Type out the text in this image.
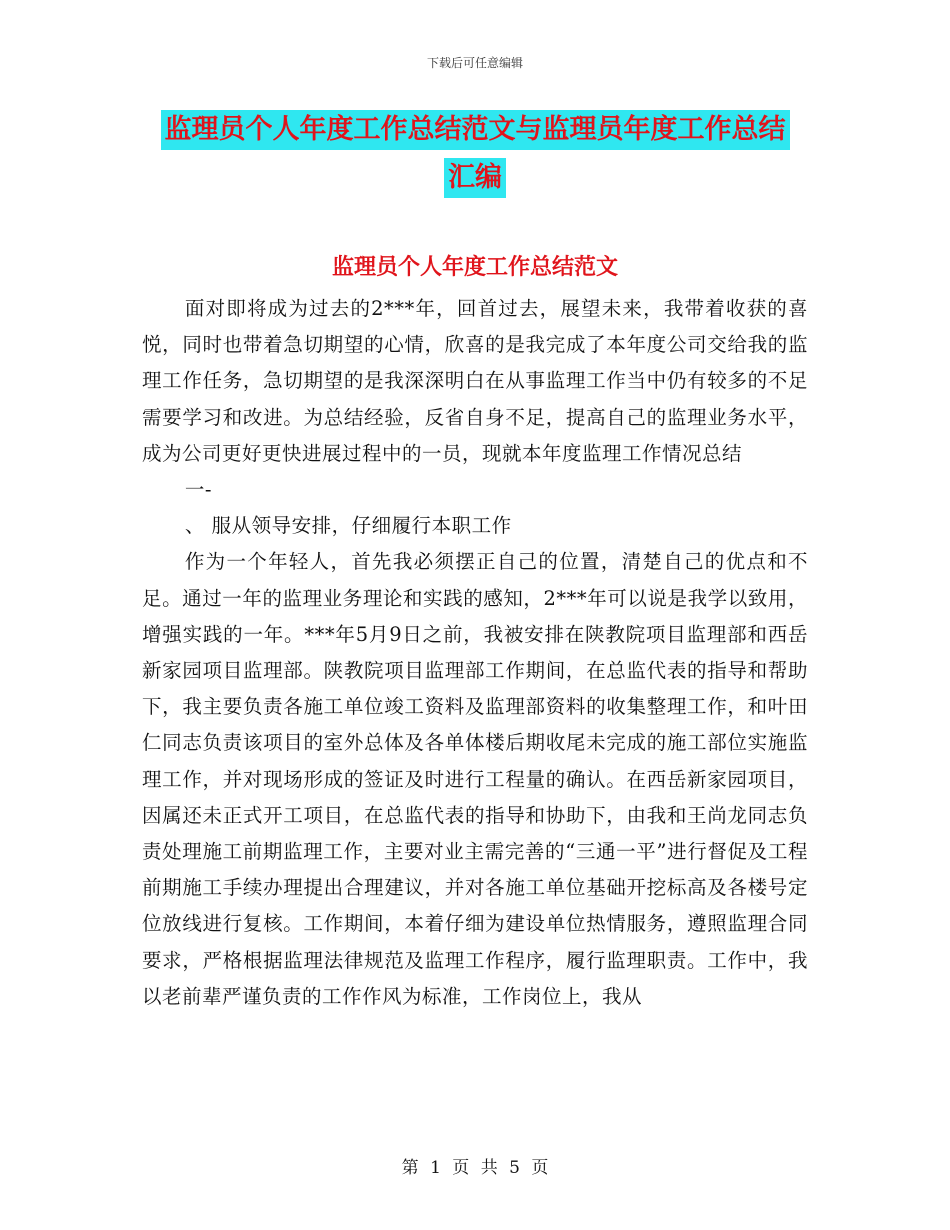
下载后可任意编辑
监理员个人年度工作总结范文与监理员年度工作总结
汇编
监理员个人年度工作总结范文

面对即将成为过去的2***年，回首过去，展望未来，我带着收获的喜悦，同时也带着急切期望的心情，欣喜的是我完成了本年度公司交给我的监理工作任务，急切期望的是我深深明白在从事监理工作当中仍有较多的不足需要学习和改进。为总结经验，反省自身不足，提高自己的监理业务水平，成为公司更好更快进展过程中的一员，现就本年度监理工作情况总结

一-

、 服从领导安排，仔细履行本职工作

作为一个年轻人，首先我必须摆正自己的位置，清楚自己的优点和不足。通过一年的监理业务理论和实践的感知，2***年可以说是我学以致用，增强实践的一年。***年5月9日之前，我被安排在陕教院项目监理部和西岳新家园项目监理部。陕教院项目监理部工作期间，在总监代表的指导和帮助下，我主要负责各施工单位竣工资料及监理部资料的收集整理工作，和叶田仁同志负责该项目的室外总体及各单体楼后期收尾未完成的施工部位实施监理工作，并对现场形成的签证及时进行工程量的确认。在西岳新家园项目，因属还未正式开工项目，在总监代表的指导和协助下，由我和王尚龙同志负责处理施工前期监理工作，主要对业主需完善的“三通一平”进行督促及工程前期施工手续办理提出合理建议，并对各施工单位基础开挖标高及各楼号定位放线进行复核。工作期间，本着仔细为建设单位热情服务，遵照监理合同要求，严格根据监理法律规范及监理工作程序，履行监理职责。工作中，我以老前辈严谨负责的工作作风为标准，工作岗位上，我从

第 1 页 共 5 页
